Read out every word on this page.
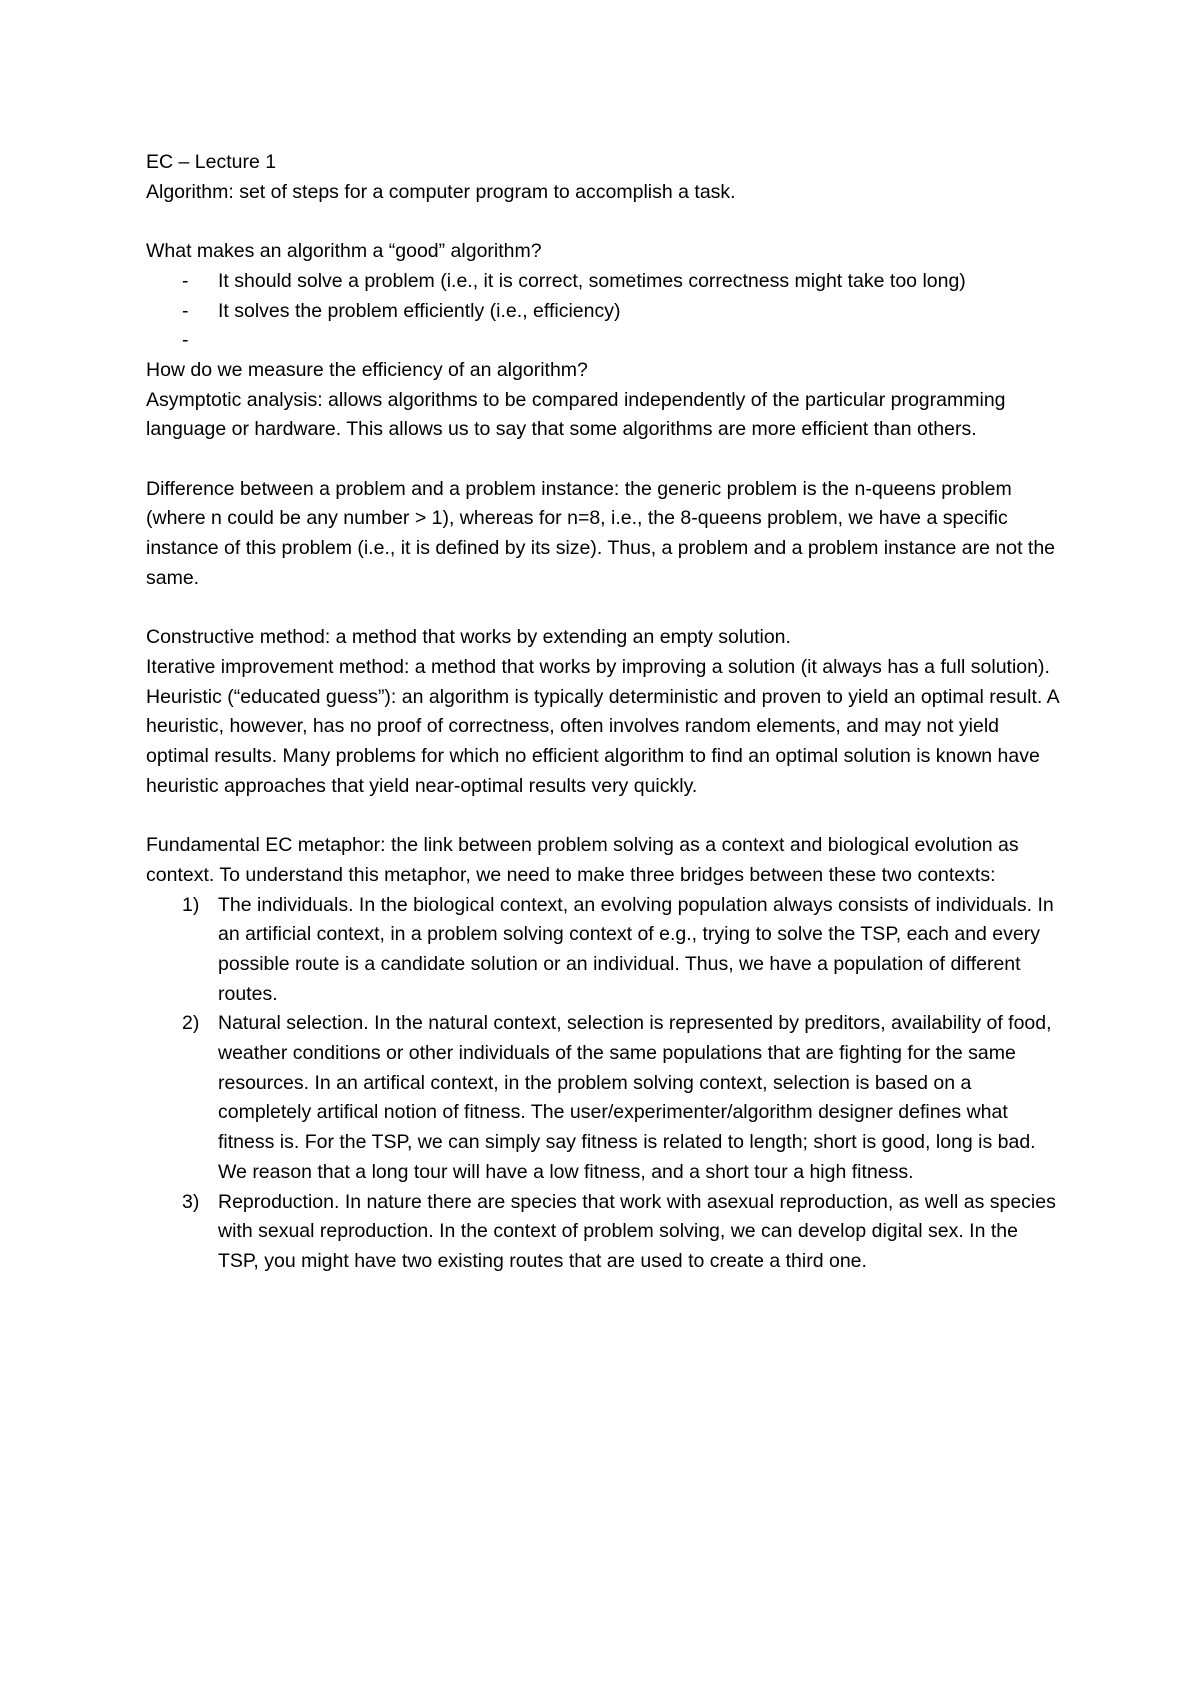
EC – Lecture 1

Algorithm: set of steps for a computer program to accomplish a task.

What makes an algorithm a “good” algorithm?

- It should solve a problem (i.e., it is correct, sometimes correctness might take too long)
- It solves the problem efficiently (i.e., efficiency)
-

How do we measure the efficiency of an algorithm?

Asymptotic analysis: allows algorithms to be compared independently of the particular programming language or hardware. This allows us to say that some algorithms are more efficient than others.

Difference between a problem and a problem instance: the generic problem is the n-queens problem (where n could be any number > 1), whereas for n=8, i.e., the 8-queens problem, we have a specific instance of this problem (i.e., it is defined by its size). Thus, a problem and a problem instance are not the same.

Constructive method: a method that works by extending an empty solution.

Iterative improvement method: a method that works by improving a solution (it always has a full solution).

Heuristic (“educated guess”): an algorithm is typically deterministic and proven to yield an optimal result. A heuristic, however, has no proof of correctness, often involves random elements, and may not yield optimal results. Many problems for which no efficient algorithm to find an optimal solution is known have heuristic approaches that yield near-optimal results very quickly.

Fundamental EC metaphor: the link between problem solving as a context and biological evolution as context. To understand this metaphor, we need to make three bridges between these two contexts:

1) The individuals. In the biological context, an evolving population always consists of individuals. In an artificial context, in a problem solving context of e.g., trying to solve the TSP, each and every possible route is a candidate solution or an individual. Thus, we have a population of different routes.
2) Natural selection. In the natural context, selection is represented by preditors, availability of food, weather conditions or other individuals of the same populations that are fighting for the same resources. In an artifical context, in the problem solving context, selection is based on a completely artifical notion of fitness. The user/experimenter/algorithm designer defines what fitness is. For the TSP, we can simply say fitness is related to length; short is good, long is bad. We reason that a long tour will have a low fitness, and a short tour a high fitness.
3) Reproduction. In nature there are species that work with asexual reproduction, as well as species with sexual reproduction. In the context of problem solving, we can develop digital sex. In the TSP, you might have two existing routes that are used to create a third one.
